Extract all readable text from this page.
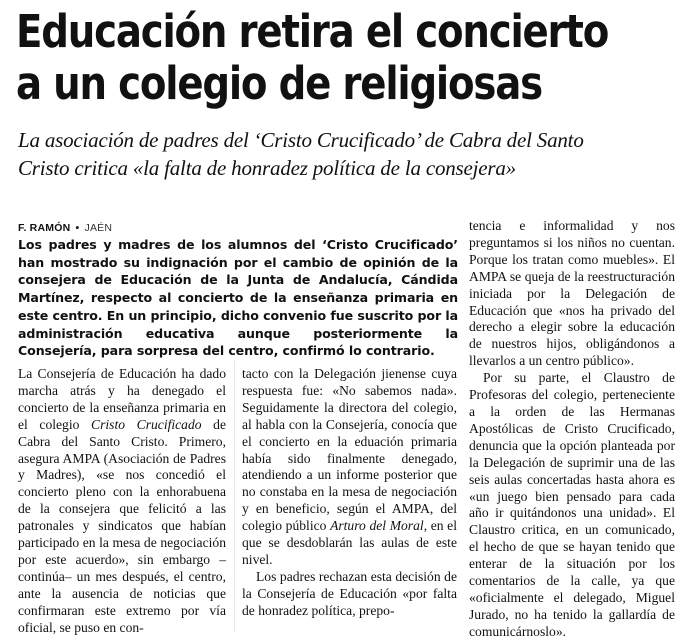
Educación retira el concierto
a un colegio de religiosas
La asociación de padres del ‘Cristo Crucificado’ de Cabra del Santo
Cristo critica «la falta de honradez política de la consejera»
F. RAMÓN • JAÉN
Los padres y madres de los alumnos del ‘Cristo Crucificado’ han mostrado su indignación por el cambio de opinión de la consejera de Educación de la Junta de Andalucía, Cándida Martínez, respecto al concierto de la enseñanza primaria en este centro. En un principio, dicho convenio fue suscrito por la administración educativa aunque posteriormente la Consejería, para sorpresa del centro, confirmó lo contrario.

La Consejería de Educación ha dado marcha atrás y ha denegado el concierto de la enseñanza primaria en el colegio Cristo Crucificado de Cabra del Santo Cristo. Primero, asegura AMPA (Asociación de Padres y Madres), «se nos concedió el concierto pleno con la enhorabuena de la consejera que felicitó a las patronales y sindicatos que habían participado en la mesa de negociación por este acuerdo», sin embargo –continúa– un mes después, el centro, ante la ausencia de noticias que confirmaran este extremo por vía oficial, se puso en con-

tacto con la Delegación jienense cuya respuesta fue: «No sabemos nada». Seguidamente la directora del colegio, al habla con la Consejería, conocía que el concierto en la eduación primaria había sido finalmente denegado, atendiendo a un informe posterior que no constaba en la mesa de negociación y en beneficio, según el AMPA, del colegio público Arturo del Moral, en el que se desdoblarán las aulas de este nivel.

Los padres rechazan esta decisión de la Consejería de Educación «por falta de honradez política, prepo-

tencia e informalidad y nos preguntamos si los niños no cuentan. Porque los tratan como muebles». El AMPA se queja de la reestructuración iniciada por la Delegación de Educación que «nos ha privado del derecho a elegir sobre la educación de nuestros hijos, obligándonos a llevarlos a un centro público».

Por su parte, el Claustro de Profesoras del colegio, perteneciente a la orden de las Hermanas Apostólicas de Cristo Crucificado, denuncia que la opción planteada por la Delegación de suprimir una de las seis aulas concertadas hasta ahora es «un juego bien pensado para cada año ir quitándonos una unidad». El Claustro critica, en un comunicado, el hecho de que se hayan tenido que enterar de la situación por los comentarios de la calle, ya que «oficialmente el delegado, Miguel Jurado, no ha tenido la gallardía de comunicárnoslo».
